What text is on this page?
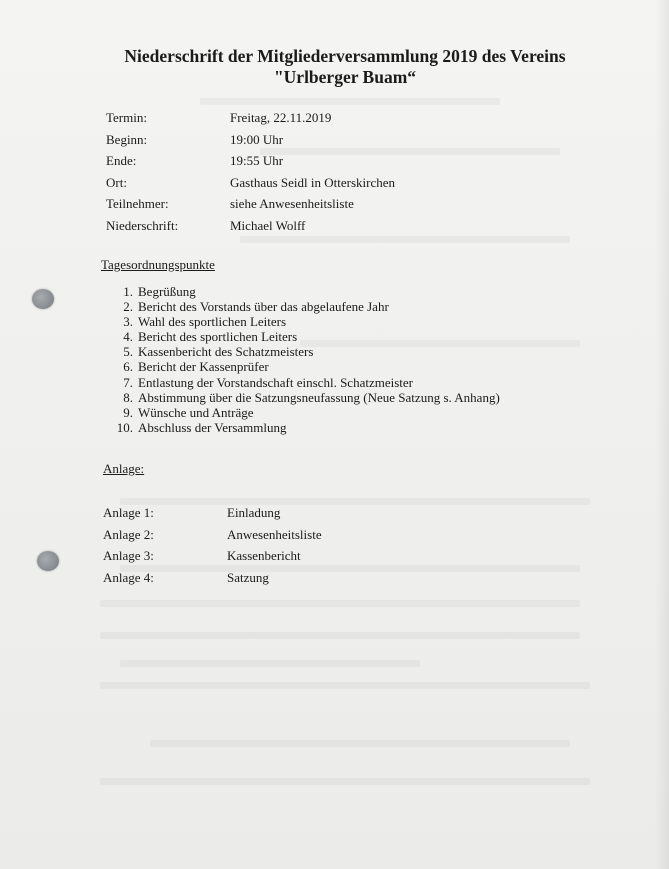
Niederschrift der Mitgliederversammlung 2019 des Vereins
"Urlberger Buam“
Termin:	Freitag, 22.11.2019
Beginn:	19:00 Uhr
Ende:	19:55 Uhr
Ort:	Gasthaus Seidl in Otterskirchen
Teilnehmer:	siehe Anwesenheitsliste
Niederschrift:	Michael Wolff
Tagesordnungspunkte
1. Begrüßung
2. Bericht des Vorstands über das abgelaufene Jahr
3. Wahl des sportlichen Leiters
4. Bericht des sportlichen Leiters
5. Kassenbericht des Schatzmeisters
6. Bericht der Kassenprüfer
7. Entlastung der Vorstandschaft einschl. Schatzmeister
8. Abstimmung über die Satzungsneufassung (Neue Satzung s. Anhang)
9. Wünsche und Anträge
10. Abschluss der Versammlung
Anlage:
Anlage 1:	Einladung
Anlage 2:	Anwesenheitsliste
Anlage 3:	Kassenbericht
Anlage 4:	Satzung
